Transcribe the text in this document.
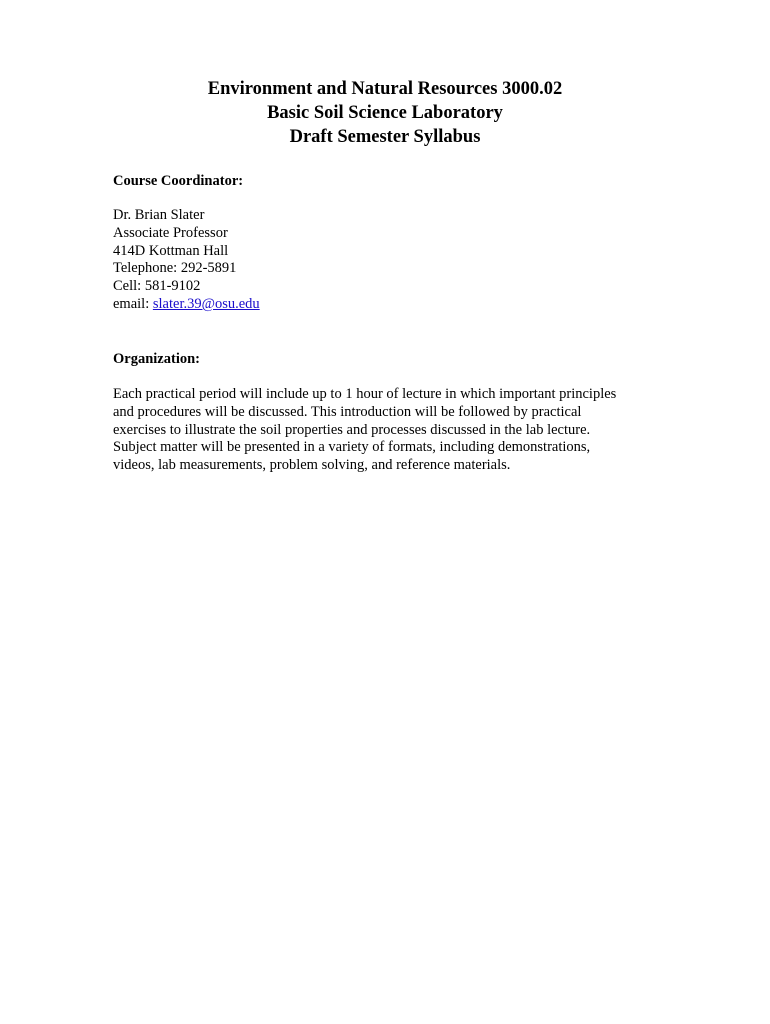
Environment and Natural Resources 3000.02
Basic Soil Science Laboratory
Draft Semester Syllabus
Course Coordinator:
Dr. Brian Slater
Associate Professor
414D Kottman Hall
Telephone: 292-5891
Cell: 581-9102
email: slater.39@osu.edu
Organization:
Each practical period will include up to 1 hour of lecture in which important principles
and procedures will be discussed. This introduction will be followed by practical
exercises to illustrate the soil properties and processes discussed in the lab lecture.
Subject matter will be presented in a variety of formats, including demonstrations,
videos, lab measurements, problem solving, and reference materials.
